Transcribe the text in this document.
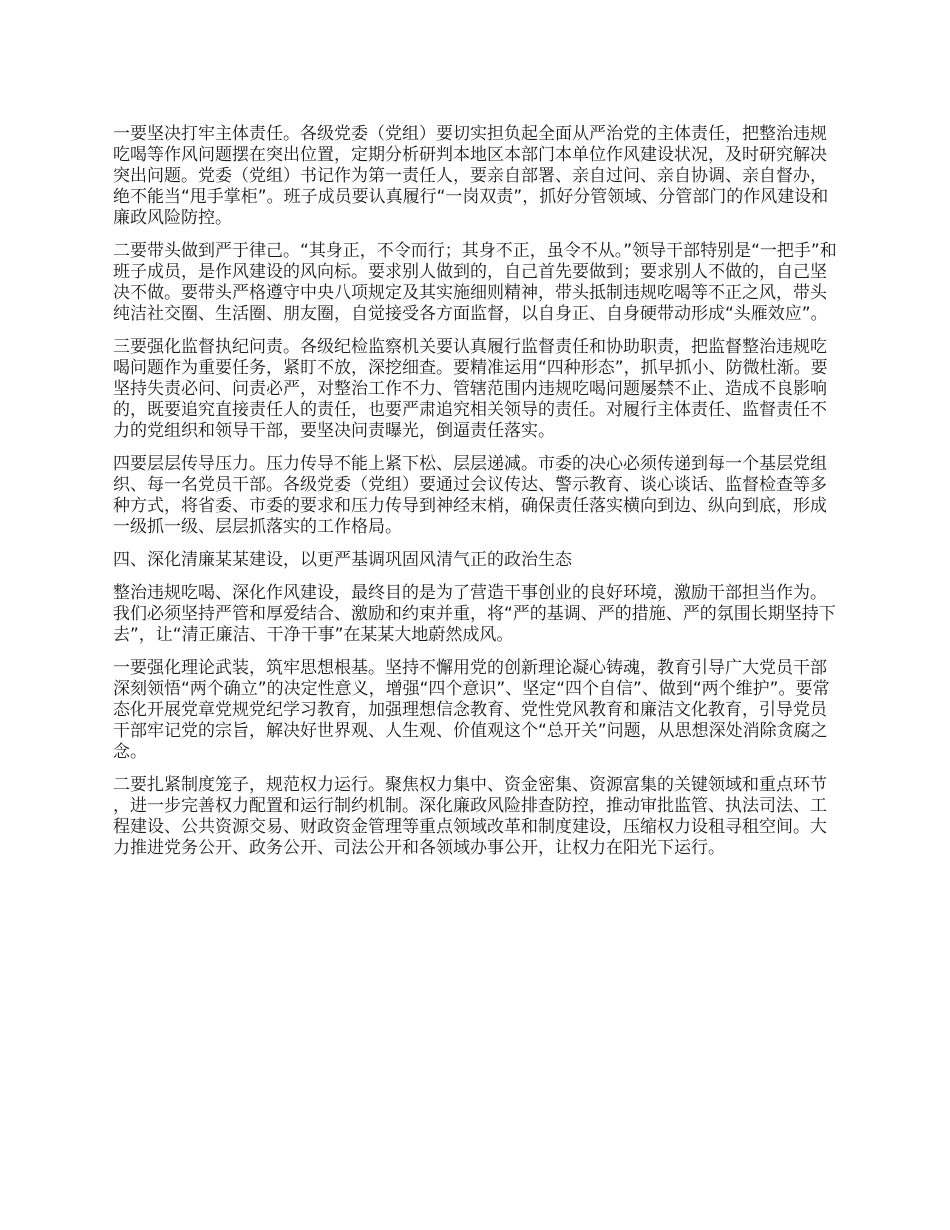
一要坚决打牢主体责任。各级党委（党组）要切实担负起全面从严治党的主体责任，把整治违规吃喝等作风问题摆在突出位置，定期分析研判本地区本部门本单位作风建设状况，及时研究解决突出问题。党委（党组）书记作为第一责任人，要亲自部署、亲自过问、亲自协调、亲自督办，绝不能当“甩手掌柜”。班子成员要认真履行“一岗双责”，抓好分管领域、分管部门的作风建设和廉政风险防控。

二要带头做到严于律己。“其身正，不令而行；其身不正，虽令不从。”领导干部特别是“一把手”和班子成员，是作风建设的风向标。要求别人做到的，自己首先要做到；要求别人不做的，自己坚决不做。要带头严格遵守中央八项规定及其实施细则精神，带头抵制违规吃喝等不正之风，带头纯洁社交圈、生活圈、朋友圈，自觉接受各方面监督，以自身正、自身硬带动形成“头雁效应”。

三要强化监督执纪问责。各级纪检监察机关要认真履行监督责任和协助职责，把监督整治违规吃喝问题作为重要任务，紧盯不放，深挖细查。要精准运用“四种形态”，抓早抓小、防微杜渐。要坚持失责必问、问责必严，对整治工作不力、管辖范围内违规吃喝问题屡禁不止、造成不良影响的，既要追究直接责任人的责任，也要严肃追究相关领导的责任。对履行主体责任、监督责任不力的党组织和领导干部，要坚决问责曝光，倒逼责任落实。

四要层层传导压力。压力传导不能上紧下松、层层递减。市委的决心必须传递到每一个基层党组织、每一名党员干部。各级党委（党组）要通过会议传达、警示教育、谈心谈话、监督检查等多种方式，将省委、市委的要求和压力传导到神经末梢，确保责任落实横向到边、纵向到底，形成一级抓一级、层层抓落实的工作格局。

四、深化清廉某某建设，以更严基调巩固风清气正的政治生态

整治违规吃喝、深化作风建设，最终目的是为了营造干事创业的良好环境，激励干部担当作为。我们必须坚持严管和厚爱结合、激励和约束并重，将“严的基调、严的措施、严的氛围长期坚持下去”，让“清正廉洁、干净干事”在某某大地蔚然成风。

一要强化理论武装，筑牢思想根基。坚持不懈用党的创新理论凝心铸魂，教育引导广大党员干部深刻领悟“两个确立”的决定性意义，增强“四个意识”、坚定“四个自信”、做到“两个维护”。要常态化开展党章党规党纪学习教育，加强理想信念教育、党性党风教育和廉洁文化教育，引导党员干部牢记党的宗旨，解决好世界观、人生观、价值观这个“总开关”问题，从思想深处消除贪腐之念。

二要扎紧制度笼子，规范权力运行。聚焦权力集中、资金密集、资源富集的关键领域和重点环节，进一步完善权力配置和运行制约机制。深化廉政风险排查防控，推动审批监管、执法司法、工程建设、公共资源交易、财政资金管理等重点领域改革和制度建设，压缩权力设租寻租空间。大力推进党务公开、政务公开、司法公开和各领域办事公开，让权力在阳光下运行。
